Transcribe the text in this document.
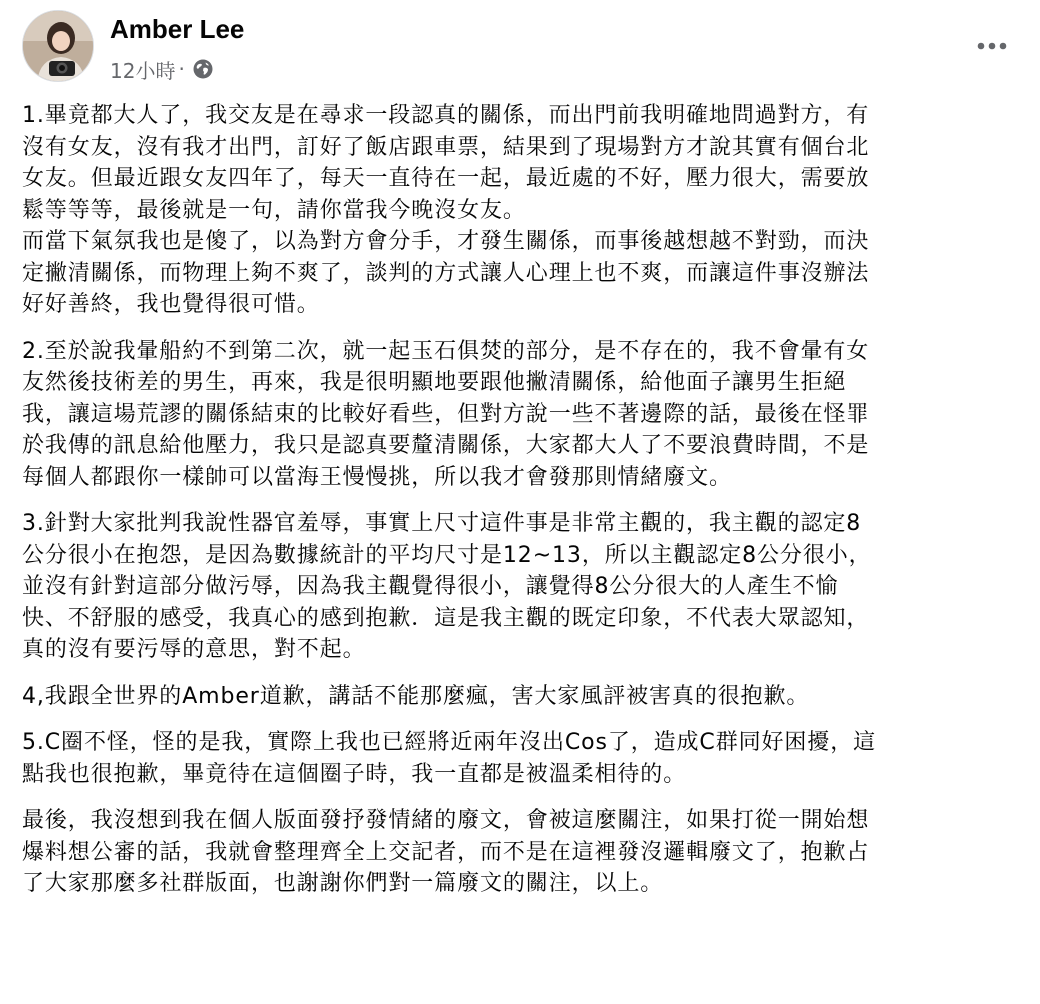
Amber Lee
12小時 ·
1.畢竟都大人了，我交友是在尋求一段認真的關係，而出門前我明確地問過對方，有
沒有女友，沒有我才出門，訂好了飯店跟車票，結果到了現場對方才說其實有個台北
女友。但最近跟女友四年了，每天一直待在一起，最近處的不好，壓力很大，需要放
鬆等等等，最後就是一句，請你當我今晚沒女友。
而當下氣氛我也是傻了，以為對方會分手，才發生關係，而事後越想越不對勁，而決
定撇清關係，而物理上夠不爽了，談判的方式讓人心理上也不爽，而讓這件事沒辦法
好好善終，我也覺得很可惜。
2.至於說我暈船約不到第二次，就一起玉石俱焚的部分，是不存在的，我不會暈有女
友然後技術差的男生，再來，我是很明顯地要跟他撇清關係，給他面子讓男生拒絕
我，讓這場荒謬的關係結束的比較好看些，但對方說一些不著邊際的話，最後在怪罪
於我傳的訊息給他壓力，我只是認真要釐清關係，大家都大人了不要浪費時間，不是
每個人都跟你一樣帥可以當海王慢慢挑，所以我才會發那則情緒廢文。
3.針對大家批判我說性器官羞辱，事實上尺寸這件事是非常主觀的，我主觀的認定8
公分很小在抱怨，是因為數據統計的平均尺寸是12~13，所以主觀認定8公分很小，
並沒有針對這部分做污辱，因為我主觀覺得很小，讓覺得8公分很大的人產生不愉
快、不舒服的感受，我真心的感到抱歉．這是我主觀的既定印象，不代表大眾認知，
真的沒有要污辱的意思，對不起。
4,我跟全世界的Amber道歉，講話不能那麼瘋，害大家風評被害真的很抱歉。
5.C圈不怪，怪的是我，實際上我也已經將近兩年沒出Cos了，造成C群同好困擾，這
點我也很抱歉，畢竟待在這個圈子時，我一直都是被溫柔相待的。
最後，我沒想到我在個人版面發抒發情緒的廢文，會被這麼關注，如果打從一開始想
爆料想公審的話，我就會整理齊全上交記者，而不是在這裡發沒邏輯廢文了，抱歉占
了大家那麼多社群版面，也謝謝你們對一篇廢文的關注，以上。
